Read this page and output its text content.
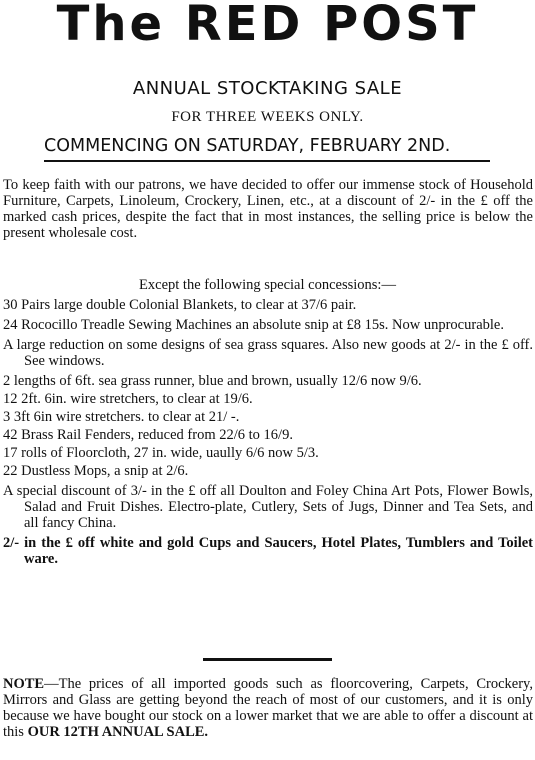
The RED POST
ANNUAL STOCKTAKING SALE
FOR THREE WEEKS ONLY.
COMMENCING ON SATURDAY, FEBRUARY 2ND.
To keep faith with our patrons, we have decided to offer our immense stock of Household Furniture, Carpets, Linoleum, Crockery, Linen, etc., at a discount of 2/- in the £ off the marked cash prices, despite the fact that in most instances, the selling price is below the present wholesale cost.
Except the following special concessions:—
30 Pairs large double Colonial Blankets, to clear at 37/6 pair.
24 Rococillo Treadle Sewing Machines an absolute snip at £8 15s. Now unprocurable.
A large reduction on some designs of sea grass squares. Also new goods at 2/- in the £ off. See windows.
2 lengths of 6ft. sea grass runner, blue and brown, usually 12/6 now 9/6.
12 2ft. 6in. wire stretchers, to clear at 19/6.
3 3ft 6in wire stretchers. to clear at 21/ -.
42 Brass Rail Fenders, reduced from 22/6 to 16/9.
17 rolls of Floorcloth, 27 in. wide, uaully 6/6 now 5/3.
22 Dustless Mops, a snip at 2/6.
A special discount of 3/- in the £ off all Doulton and Foley China Art Pots, Flower Bowls, Salad and Fruit Dishes. Electro-plate, Cutlery, Sets of Jugs, Dinner and Tea Sets, and all fancy China.
2/- in the £ off white and gold Cups and Saucers, Hotel Plates, Tumblers and Toilet ware.
NOTE—The prices of all imported goods such as floorcovering, Carpets, Crockery, Mirrors and Glass are getting beyond the reach of most of our customers, and it is only because we have bought our stock on a lower market that we are able to offer a discount at this OUR 12TH ANNUAL SALE.
